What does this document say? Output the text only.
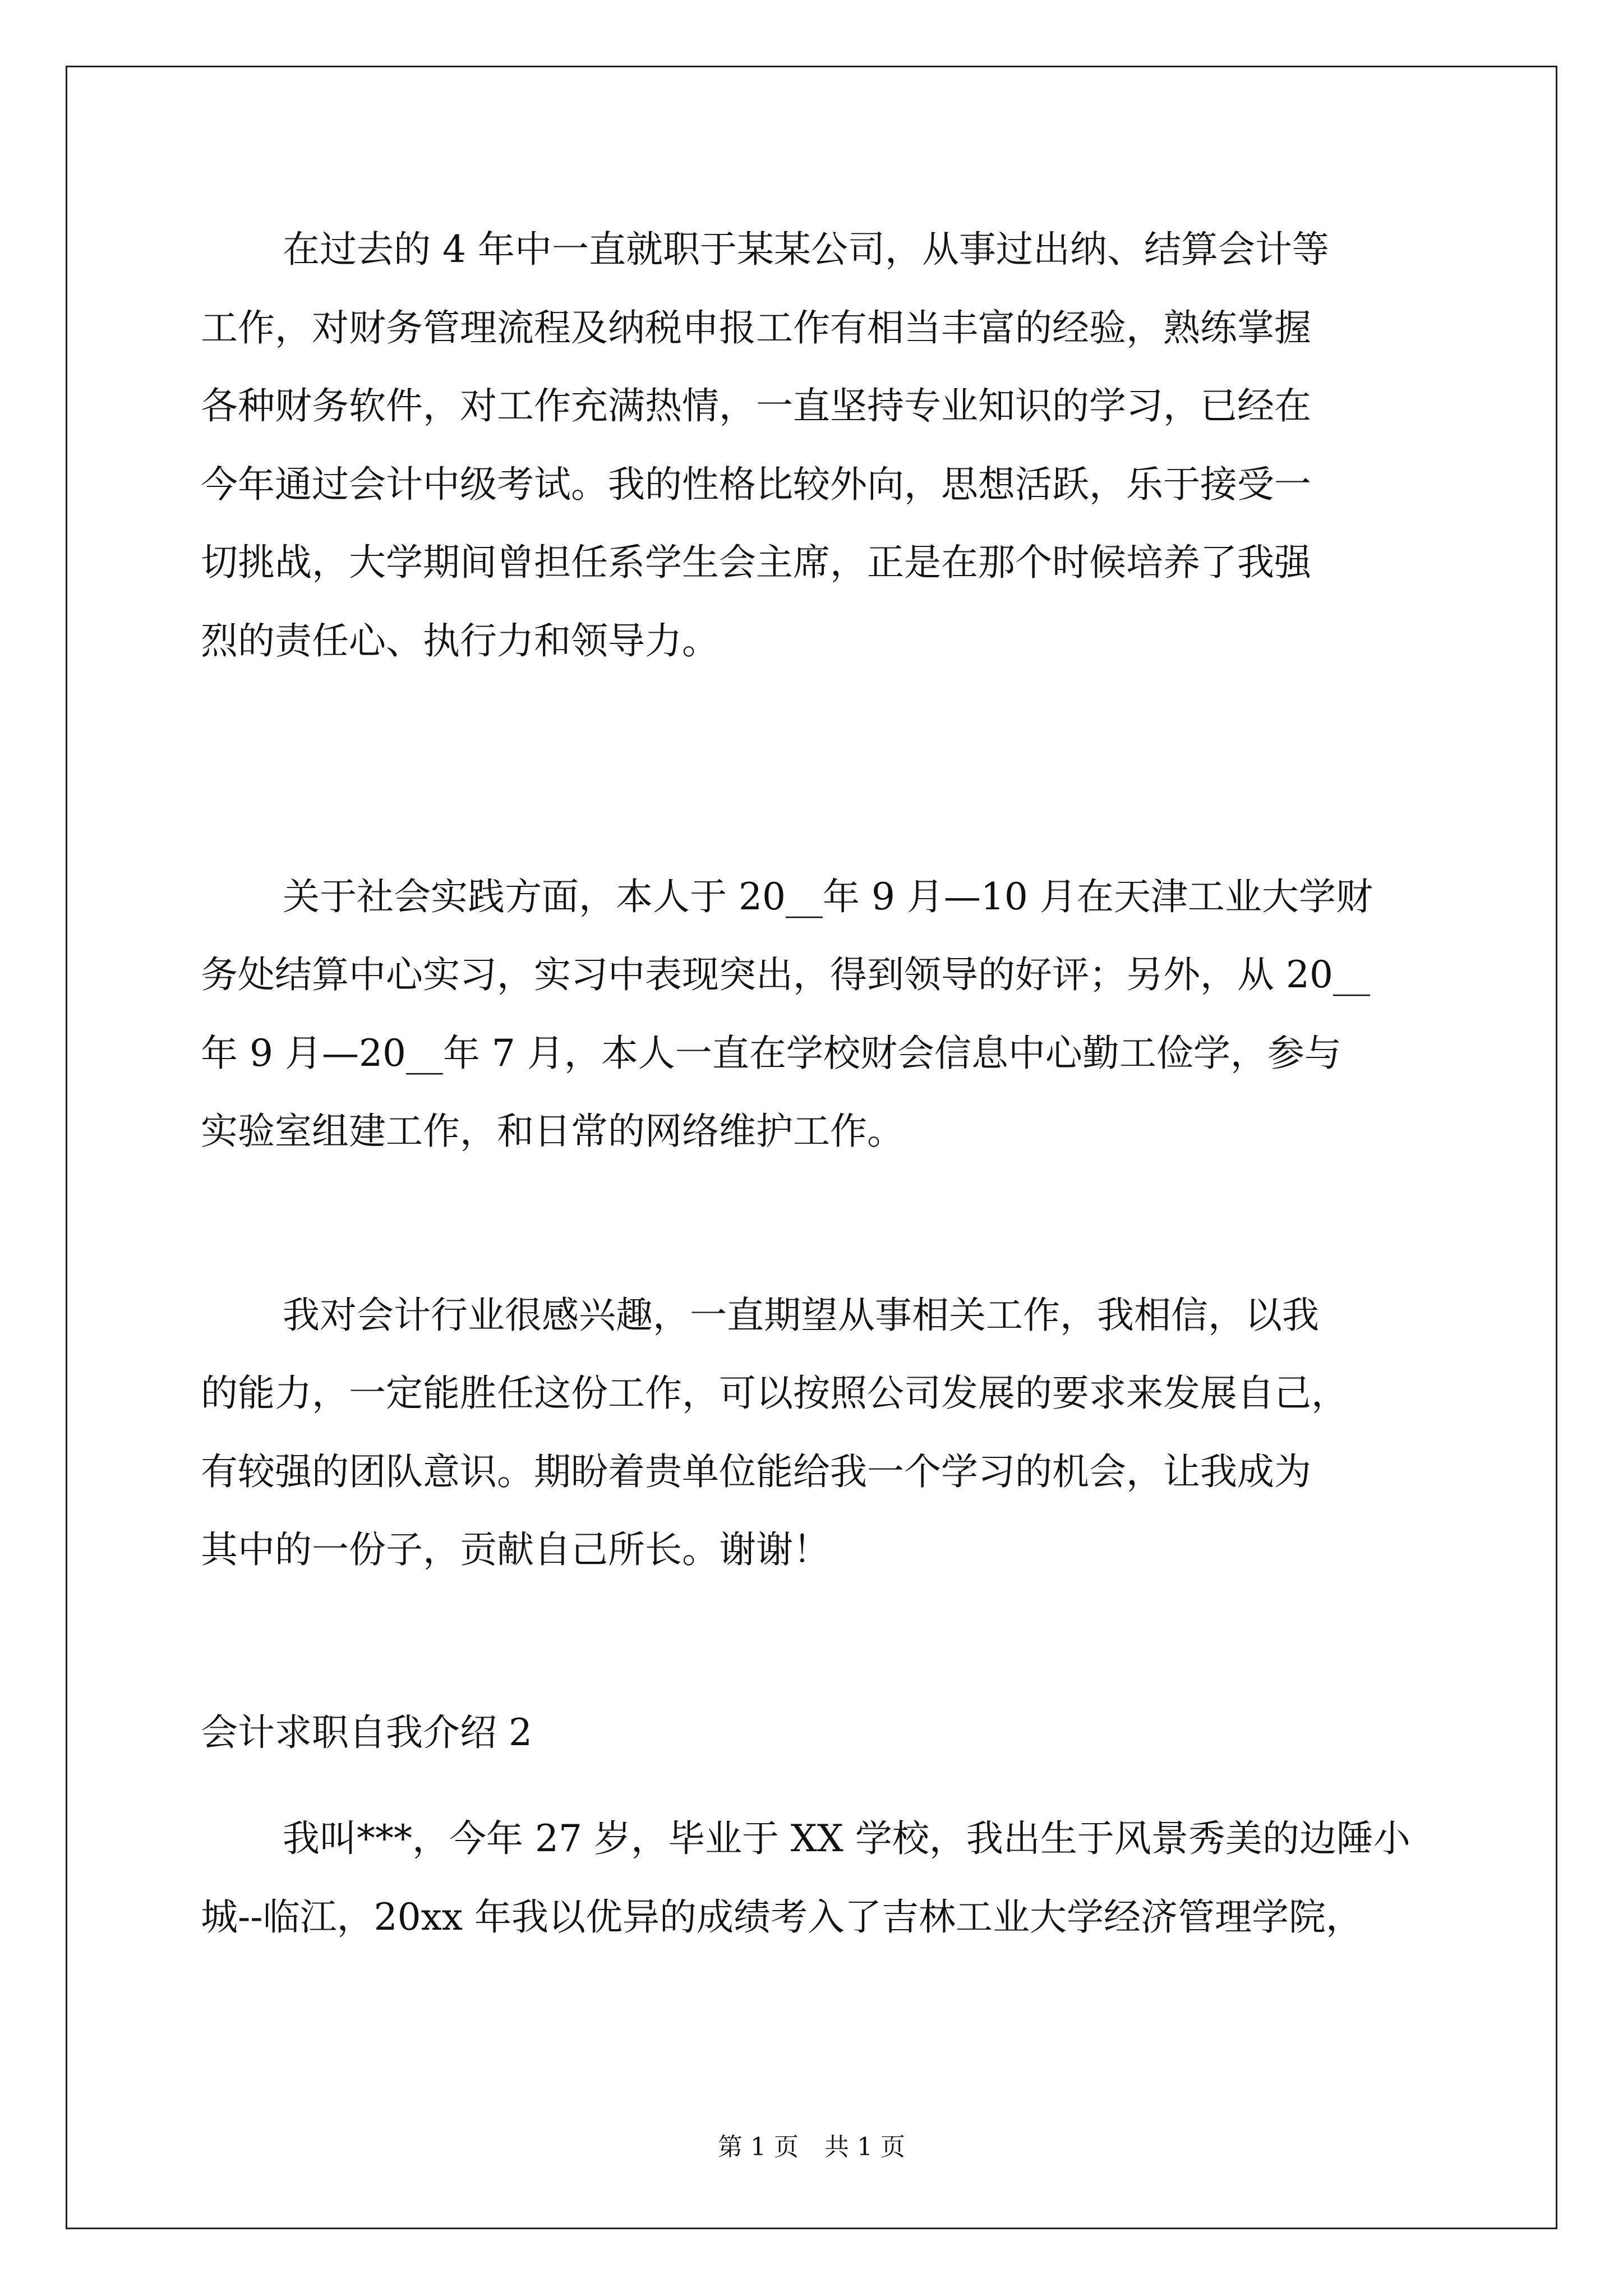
在过去的 4 年中一直就职于某某公司，从事过出纳、结算会计等
工作，对财务管理流程及纳税申报工作有相当丰富的经验，熟练掌握
各种财务软件，对工作充满热情，一直坚持专业知识的学习，已经在
今年通过会计中级考试。我的性格比较外向，思想活跃，乐于接受一
切挑战，大学期间曾担任系学生会主席，正是在那个时候培养了我强
烈的责任心、执行力和领导力。
关于社会实践方面，本人于 20__年 9 月—10 月在天津工业大学财
务处结算中心实习，实习中表现突出，得到领导的好评；另外，从 20__
年 9 月—20__年 7 月，本人一直在学校财会信息中心勤工俭学，参与
实验室组建工作，和日常的网络维护工作。
我对会计行业很感兴趣，一直期望从事相关工作，我相信，以我
的能力，一定能胜任这份工作，可以按照公司发展的要求来发展自己，
有较强的团队意识。期盼着贵单位能给我一个学习的机会，让我成为
其中的一份子，贡献自己所长。谢谢！
会计求职自我介绍 2
我叫***，今年 27 岁，毕业于 XX 学校，我出生于风景秀美的边陲小
城--临江，20xx 年我以优异的成绩考入了吉林工业大学经济管理学院，
第 1 页 共 1 页
